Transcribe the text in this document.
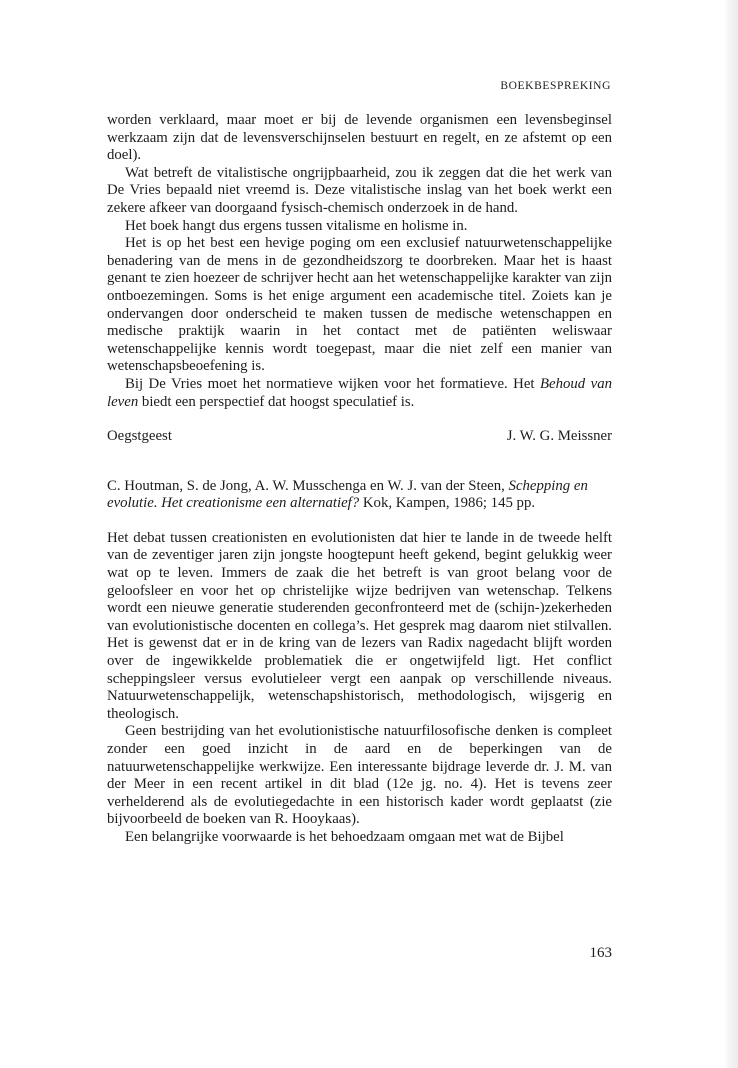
BOEKBESPREKING

worden verklaard, maar moet er bij de levende organismen een levensbeginsel werkzaam zijn dat de levensverschijnselen bestuurt en regelt, en ze afstemt op een doel).

Wat betreft de vitalistische ongrijpbaarheid, zou ik zeggen dat die het werk van De Vries bepaald niet vreemd is. Deze vitalistische inslag van het boek werkt een zekere afkeer van doorgaand fysisch-chemisch onderzoek in de hand.

Het boek hangt dus ergens tussen vitalisme en holisme in.

Het is op het best een hevige poging om een exclusief natuurwetenschappelijke benadering van de mens in de gezondheidszorg te doorbreken. Maar het is haast genant te zien hoezeer de schrijver hecht aan het wetenschappelijke karakter van zijn ontboezemingen. Soms is het enige argument een academische titel. Zoiets kan je ondervangen door onderscheid te maken tussen de medische wetenschappen en medische praktijk waarin in het contact met de patiënten weliswaar wetenschappelijke kennis wordt toegepast, maar die niet zelf een manier van wetenschapsbeoefening is.

Bij De Vries moet het normatieve wijken voor het formatieve. Het Behoud van leven biedt een perspectief dat hoogst speculatief is.

Oegstgeest	J. W. G. Meissner

C. Houtman, S. de Jong, A. W. Musschenga en W. J. van der Steen, Schepping en evolutie. Het creationisme een alternatief? Kok, Kampen, 1986; 145 pp.

Het debat tussen creationisten en evolutionisten dat hier te lande in de tweede helft van de zeventiger jaren zijn jongste hoogtepunt heeft gekend, begint gelukkig weer wat op te leven. Immers de zaak die het betreft is van groot belang voor de geloofsleer en voor het op christelijke wijze bedrijven van wetenschap. Telkens wordt een nieuwe generatie studerenden geconfronteerd met de (schijn-)zekerheden van evolutionistische docenten en collega’s. Het gesprek mag daarom niet stilvallen. Het is gewenst dat er in de kring van de lezers van Radix nagedacht blijft worden over de ingewikkelde problematiek die er ongetwijfeld ligt. Het conflict scheppingsleer versus evolutieleer vergt een aanpak op verschillende niveaus. Natuurwetenschappelijk, wetenschapshistorisch, methodologisch, wijsgerig en theologisch.

Geen bestrijding van het evolutionistische natuurfilosofische denken is compleet zonder een goed inzicht in de aard en de beperkingen van de natuurwetenschappelijke werkwijze. Een interessante bijdrage leverde dr. J. M. van der Meer in een recent artikel in dit blad (12e jg. no. 4). Het is tevens zeer verhelderend als de evolutiegedachte in een historisch kader wordt geplaatst (zie bijvoorbeeld de boeken van R. Hooykaas).

Een belangrijke voorwaarde is het behoedzaam omgaan met wat de Bijbel

163
